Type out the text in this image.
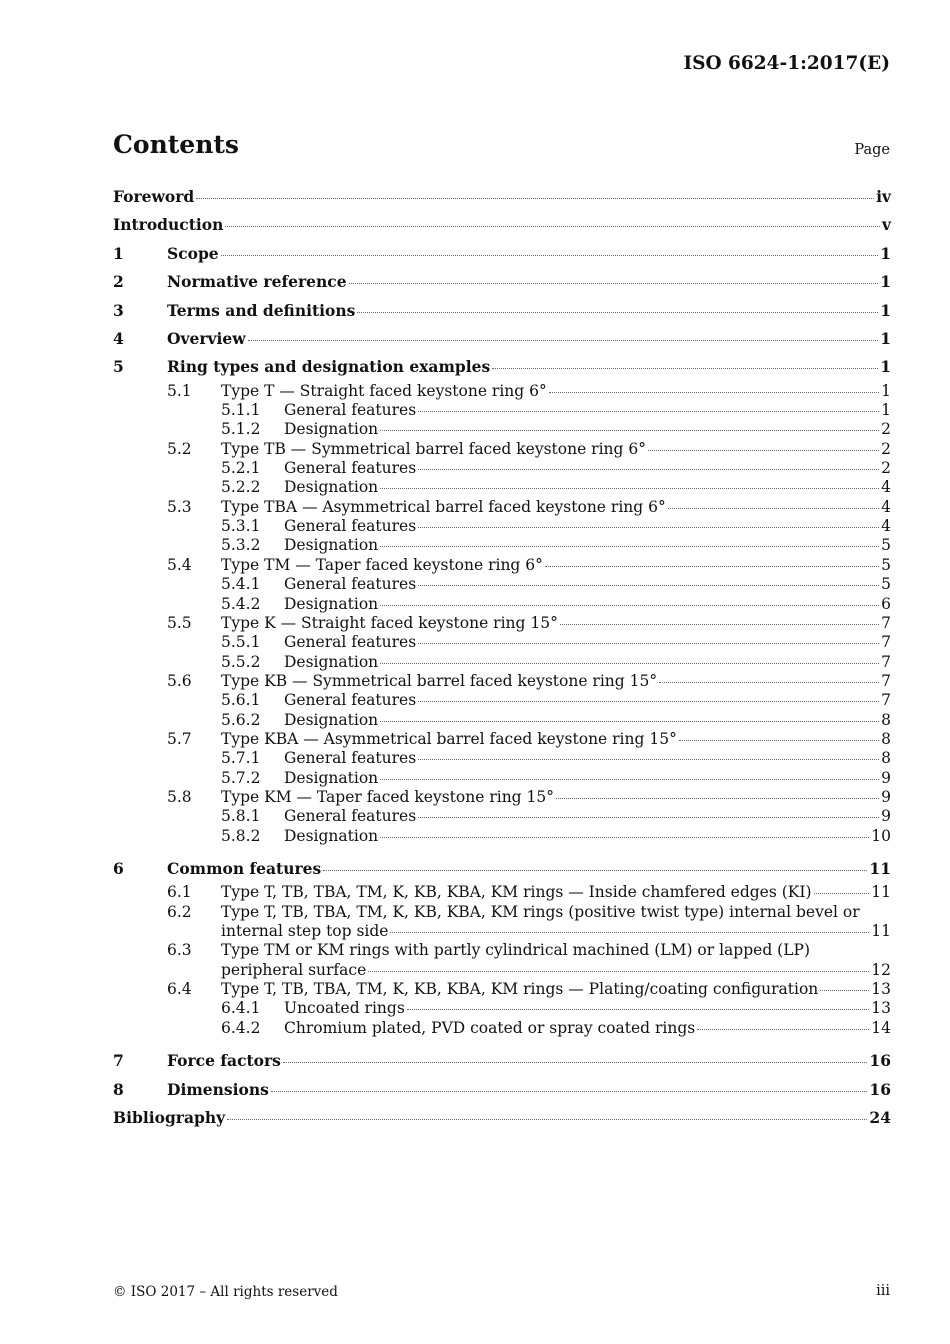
ISO 6624-1:2017(E)
Contents	Page
Foreword	iv
Introduction	v
1	Scope	1
2	Normative reference	1
3	Terms and definitions	1
4	Overview	1
5	Ring types and designation examples	1
5.1	Type T — Straight faced keystone ring 6°	1
5.1.1	General features	1
5.1.2	Designation	2
5.2	Type TB — Symmetrical barrel faced keystone ring 6°	2
5.2.1	General features	2
5.2.2	Designation	4
5.3	Type TBA — Asymmetrical barrel faced keystone ring 6°	4
5.3.1	General features	4
5.3.2	Designation	5
5.4	Type TM — Taper faced keystone ring 6°	5
5.4.1	General features	5
5.4.2	Designation	6
5.5	Type K — Straight faced keystone ring 15°	7
5.5.1	General features	7
5.5.2	Designation	7
5.6	Type KB — Symmetrical barrel faced keystone ring 15°	7
5.6.1	General features	7
5.6.2	Designation	8
5.7	Type KBA — Asymmetrical barrel faced keystone ring 15°	8
5.7.1	General features	8
5.7.2	Designation	9
5.8	Type KM — Taper faced keystone ring 15°	9
5.8.1	General features	9
5.8.2	Designation	10
6	Common features	11
6.1	Type T, TB, TBA, TM, K, KB, KBA, KM rings — Inside chamfered edges (KI)	11
6.2	Type T, TB, TBA, TM, K, KB, KBA, KM rings (positive twist type) internal bevel or
internal step top side	11
6.3	Type TM or KM rings with partly cylindrical machined (LM) or lapped (LP)
peripheral surface	12
6.4	Type T, TB, TBA, TM, K, KB, KBA, KM rings — Plating/coating configuration	13
6.4.1	Uncoated rings	13
6.4.2	Chromium plated, PVD coated or spray coated rings	14
7	Force factors	16
8	Dimensions	16
Bibliography	24
© ISO 2017 – All rights reserved	iii
